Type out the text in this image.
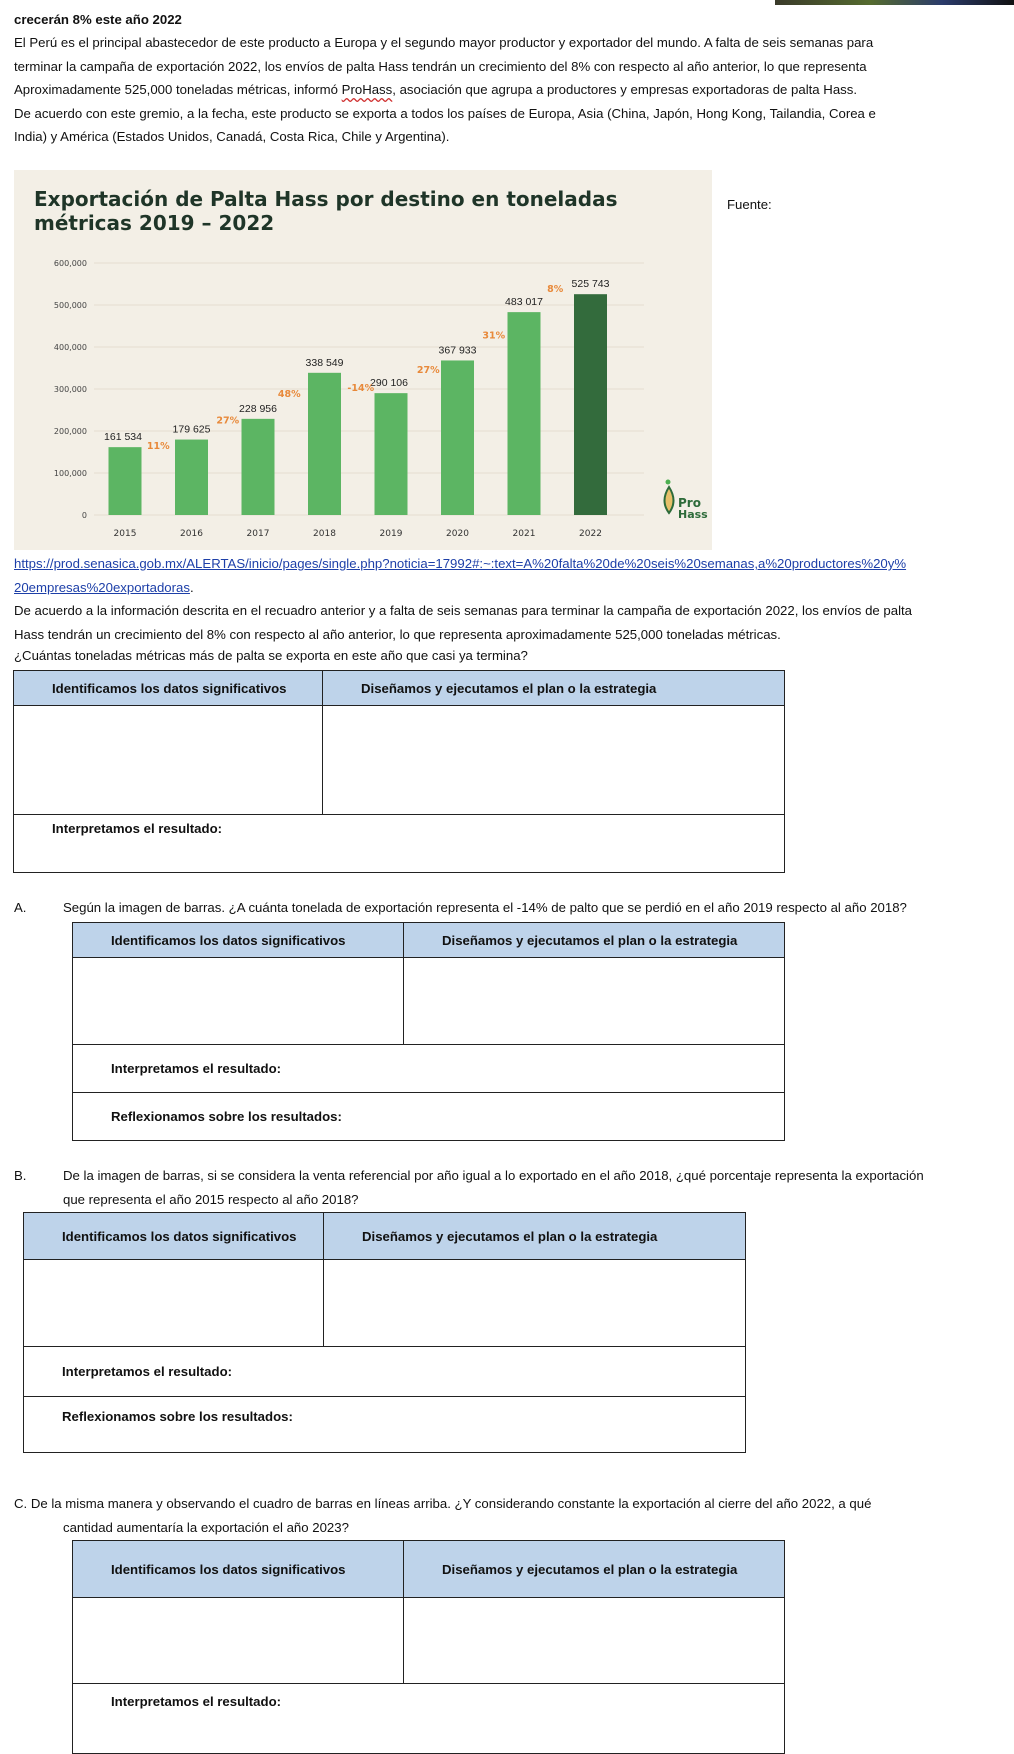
crecerán 8% este año 2022
El Perú es el principal abastecedor de este producto a Europa y el segundo mayor productor y exportador del mundo. A falta de seis semanas para
terminar la campaña de exportación 2022, los envíos de palta Hass tendrán un crecimiento del 8% con respecto al año anterior, lo que representa
Aproximadamente 525,000 toneladas métricas, informó ProHass, asociación que agrupa a productores y empresas exportadoras de palta Hass.
De acuerdo con este gremio, a la fecha, este producto se exporta a todos los países de Europa, Asia (China, Japón, Hong Kong, Tailandia, Corea e
India) y América (Estados Unidos, Canadá, Costa Rica, Chile y Argentina).
Exportación de Palta Hass por destino en toneladas métricas 2019 – 2022
0
100,000
200,000
300,000
400,000
500,000
600,000
2015	2016	2017	2018	2019	2020	2021	2022
161 534
179 625
228 956
338 549
290 106
367 933
483 017
525 743
11%
27%
48%
-14%
27%
31%
8%
Pro
Hass
Fuente:
https://prod.senasica.gob.mx/ALERTAS/inicio/pages/single.php?noticia=17992#:~:text=A%20falta%20de%20seis%20semanas,a%20productores%20y%
20empresas%20exportadoras.
De acuerdo a la información descrita en el recuadro anterior y a falta de seis semanas para terminar la campaña de exportación 2022, los envíos de palta
Hass tendrán un crecimiento del 8% con respecto al año anterior, lo que representa aproximadamente 525,000 toneladas métricas.
¿Cuántas toneladas métricas más de palta se exporta en este año que casi ya termina?
Identificamos los datos significativos	Diseñamos y ejecutamos el plan o la estrategia

Interpretamos el resultado:	
A.	Según la imagen de barras. ¿A cuánta tonelada de exportación representa el -14% de palto que se perdió en el año 2019 respecto al año 2018?
Identificamos los datos significativos	Diseñamos y ejecutamos el plan o la estrategia

Interpretamos el resultado:	
Reflexionamos sobre los resultados:	
B.	De la imagen de barras, si se considera la venta referencial por año igual a lo exportado en el año 2018, ¿qué porcentaje representa la exportación
que representa el año 2015 respecto al año 2018?
Identificamos los datos significativos	Diseñamos y ejecutamos el plan o la estrategia

Interpretamos el resultado:	
Reflexionamos sobre los resultados:	
C. De la misma manera y observando el cuadro de barras en líneas arriba. ¿Y considerando constante la exportación al cierre del año 2022, a qué
cantidad aumentaría la exportación el año 2023?
Identificamos los datos significativos	Diseñamos y ejecutamos el plan o la estrategia

Interpretamos el resultado:	
